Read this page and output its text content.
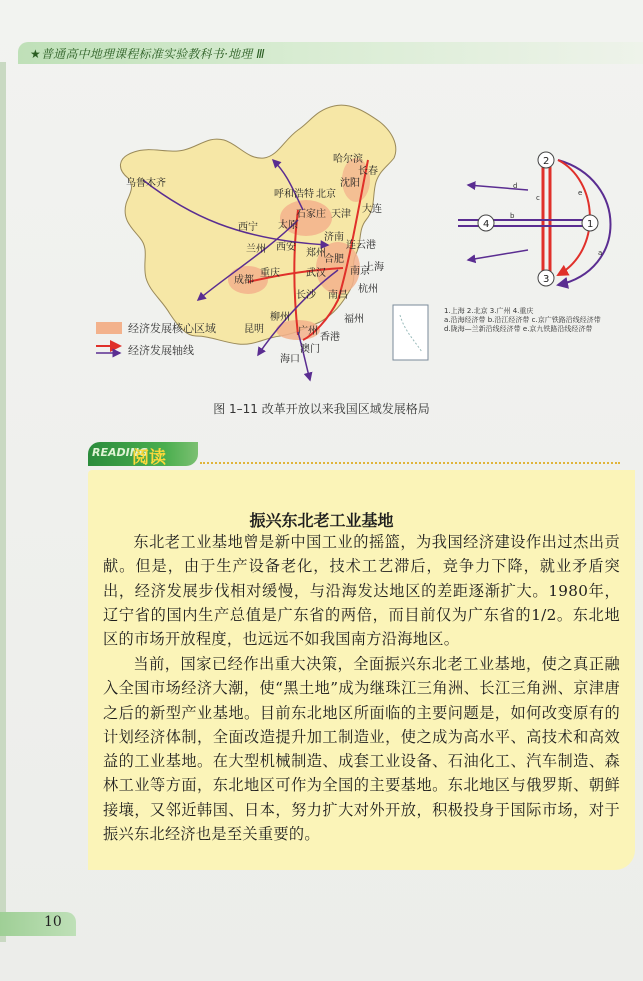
★普通高中地理课程标准实验教科书·地理 Ⅲ
哈尔滨
长春
沈阳
大连
乌鲁木齐
呼和浩特 北京
石家庄 天津
太原
济南
西宁
兰州	郑州
连云港
西安
合肥
南京
上海
成都
武汉
重庆
长沙 南昌
杭州
福州
广州
香港
澳门
海口
昆明
柳州
经济发展核心区域
经济发展轴线
2
1
3
4
a
b
c
d
e
1.上海 2.北京 3.广州 4.重庆
a.沿海经济带 b.沿江经济带 c.京广铁路沿线经济带
d.陇海—兰新沿线经济带 e.京九铁路沿线经济带
图 1–11 改革开放以来我国区域发展格局
READING
阅读
振兴东北老工业基地
东北老工业基地曾是新中国工业的摇篮，为我国经济建设作出过杰出贡献。但是，由于生产设备老化，技术工艺滞后，竞争力下降，就业矛盾突出，经济发展步伐相对缓慢，与沿海发达地区的差距逐渐扩大。1980年，辽宁省的国内生产总值是广东省的两倍，而目前仅为广东省的1/2。东北地区的市场开放程度，也远远不如我国南方沿海地区。
当前，国家已经作出重大决策，全面振兴东北老工业基地，使之真正融入全国市场经济大潮，使“黑土地”成为继珠江三角洲、长江三角洲、京津唐之后的新型产业基地。目前东北地区所面临的主要问题是，如何改变原有的计划经济体制，全面改造提升加工制造业，使之成为高水平、高技术和高效益的工业基地。在大型机械制造、成套工业设备、石油化工、汽车制造、森林工业等方面，东北地区可作为全国的主要基地。东北地区与俄罗斯、朝鲜接壤，又邻近韩国、日本，努力扩大对外开放，积极投身于国际市场，对于振兴东北经济也是至关重要的。
10
